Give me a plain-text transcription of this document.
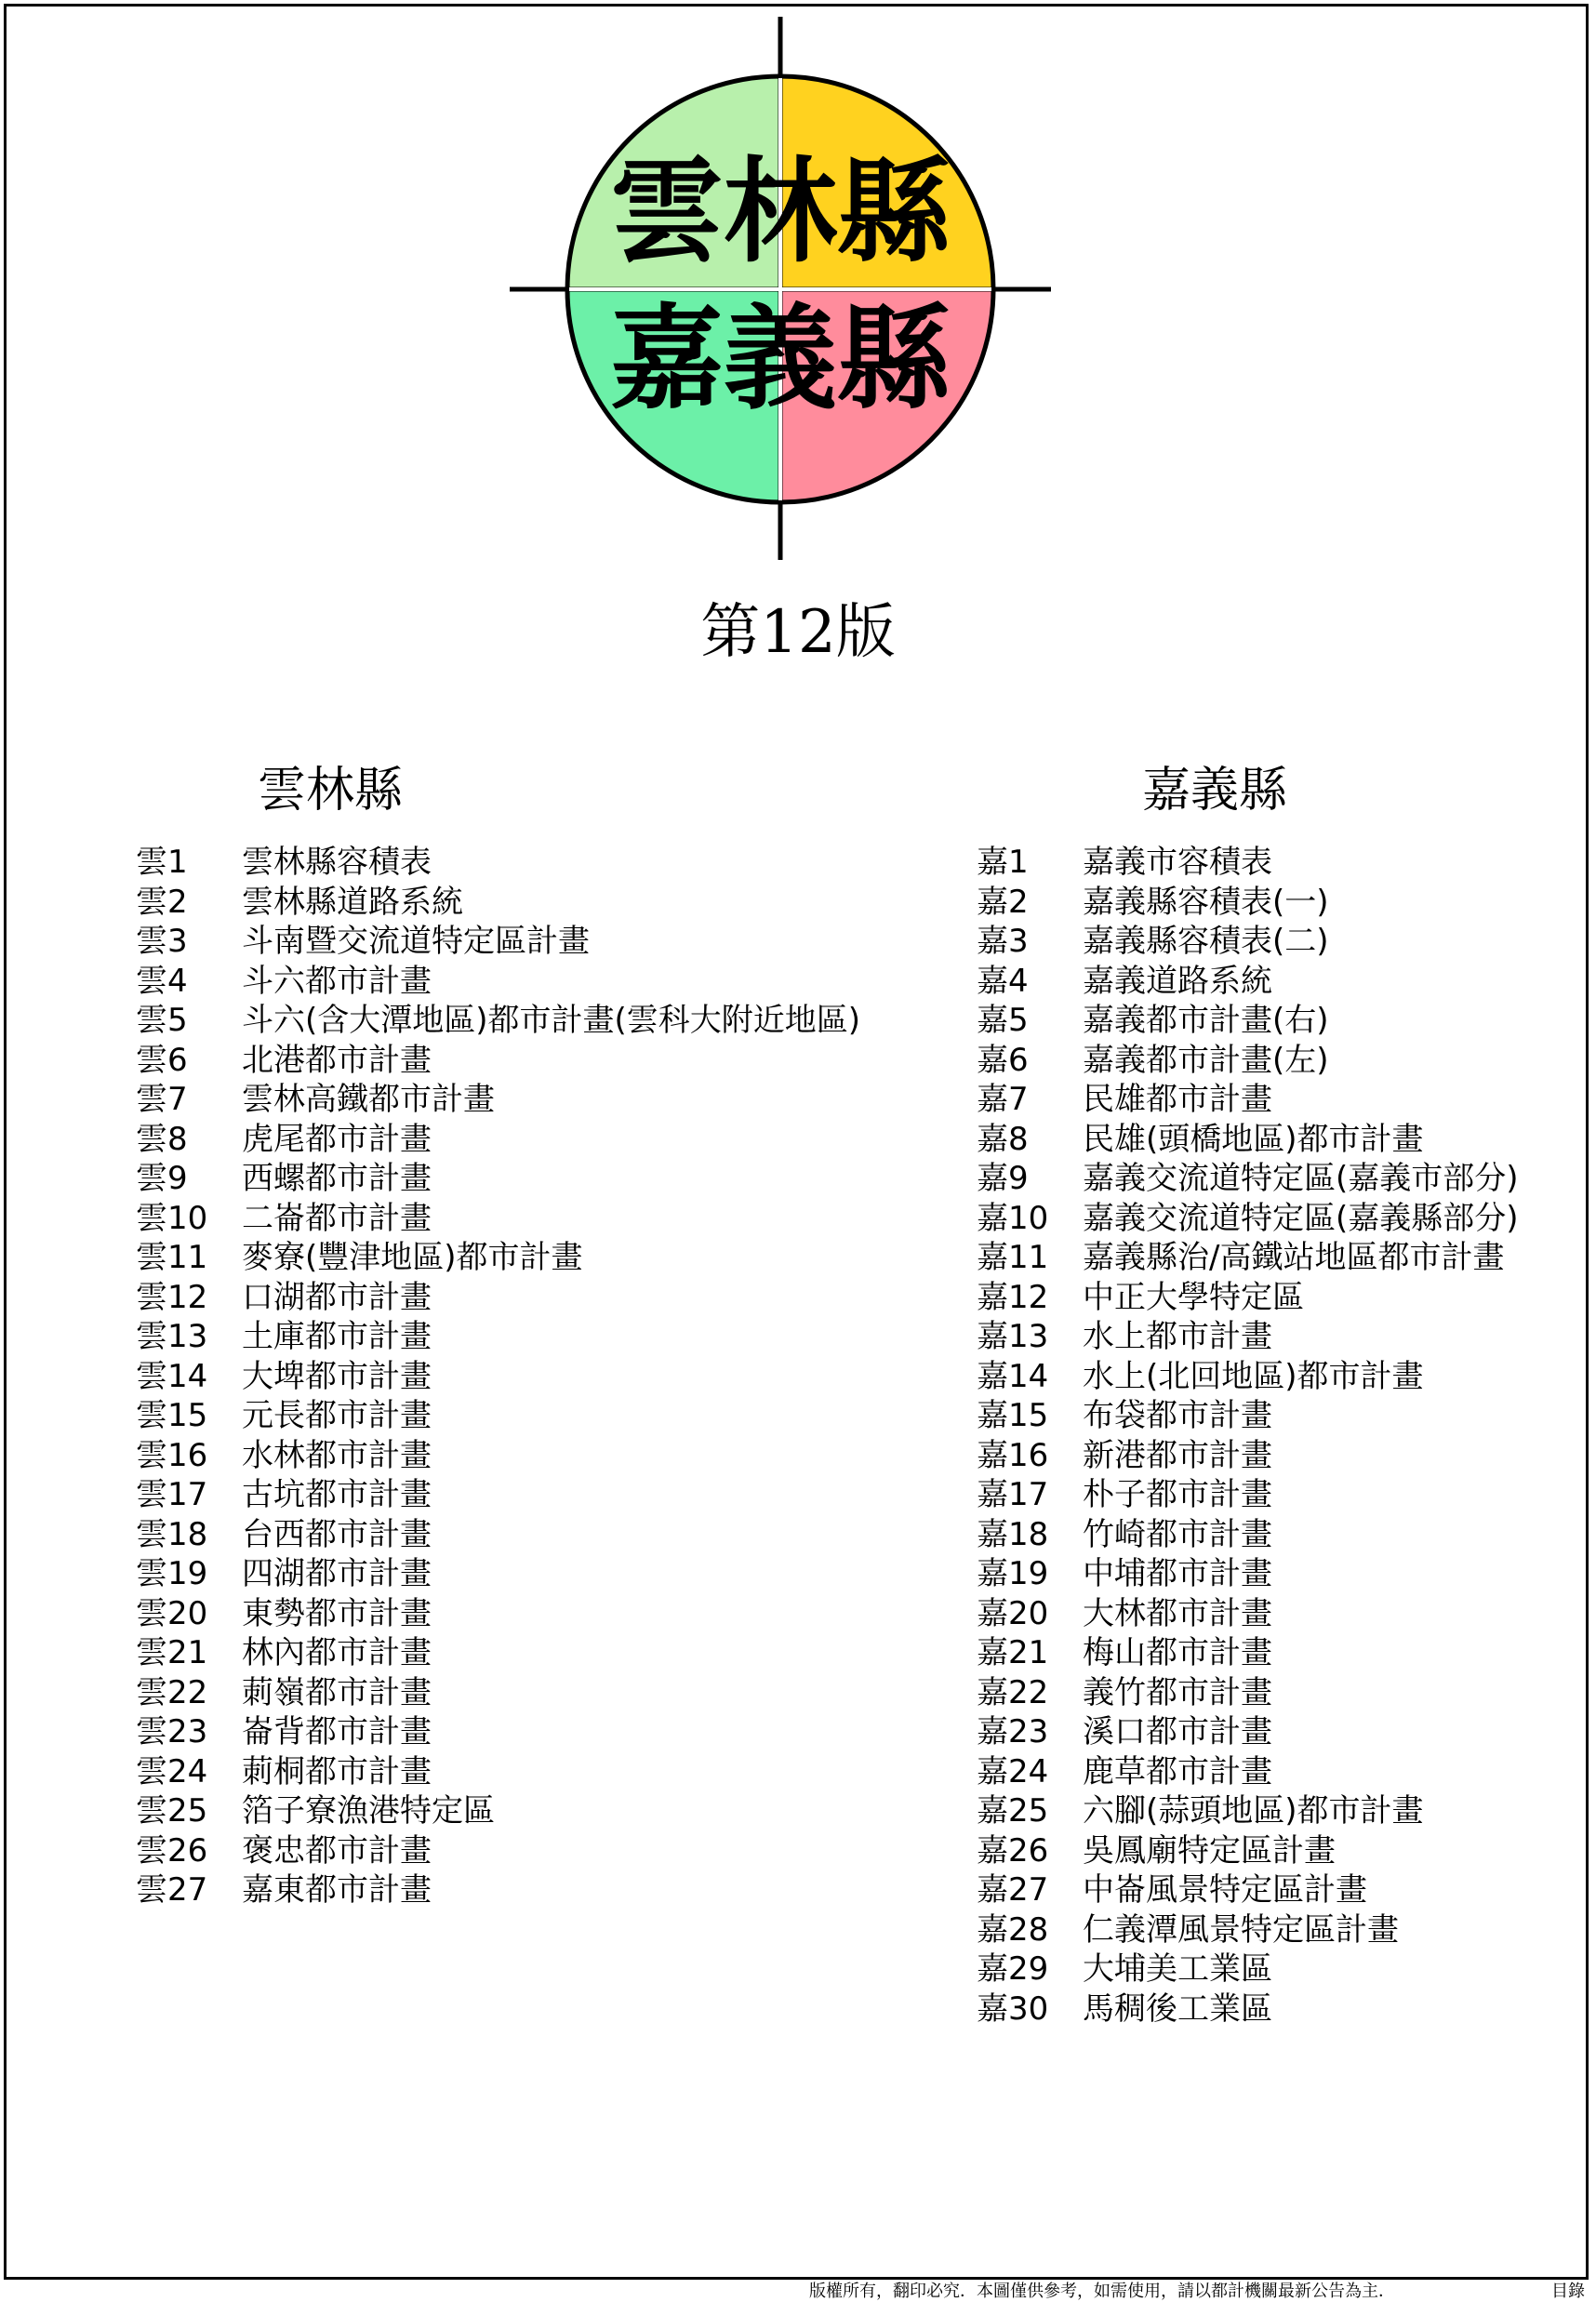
雲林縣
嘉義縣
第12版
雲林縣	嘉義縣
雲1 雲林縣容積表
雲2 雲林縣道路系統
雲3 斗南暨交流道特定區計畫
雲4 斗六都市計畫
雲5 斗六(含大潭地區)都市計畫(雲科大附近地區)
雲6 北港都市計畫
雲7 雲林高鐵都市計畫
雲8 虎尾都市計畫
雲9 西螺都市計畫
雲10 二崙都市計畫
雲11 麥寮(豐津地區)都市計畫
雲12 口湖都市計畫
雲13 土庫都市計畫
雲14 大埤都市計畫
雲15 元長都市計畫
雲16 水林都市計畫
雲17 古坑都市計畫
雲18 台西都市計畫
雲19 四湖都市計畫
雲20 東勢都市計畫
雲21 林內都市計畫
雲22 莿嶺都市計畫
雲23 崙背都市計畫
雲24 莿桐都市計畫
雲25 箔子寮漁港特定區
雲26 褒忠都市計畫
雲27 嘉東都市計畫
嘉1 嘉義市容積表
嘉2 嘉義縣容積表(一)
嘉3 嘉義縣容積表(二)
嘉4 嘉義道路系統
嘉5 嘉義都市計畫(右)
嘉6 嘉義都市計畫(左)
嘉7 民雄都市計畫
嘉8 民雄(頭橋地區)都市計畫
嘉9 嘉義交流道特定區(嘉義市部分)
嘉10 嘉義交流道特定區(嘉義縣部分)
嘉11 嘉義縣治/高鐵站地區都市計畫
嘉12 中正大學特定區
嘉13 水上都市計畫
嘉14 水上(北回地區)都市計畫
嘉15 布袋都市計畫
嘉16 新港都市計畫
嘉17 朴子都市計畫
嘉18 竹崎都市計畫
嘉19 中埔都市計畫
嘉20 大林都市計畫
嘉21 梅山都市計畫
嘉22 義竹都市計畫
嘉23 溪口都市計畫
嘉24 鹿草都市計畫
嘉25 六腳(蒜頭地區)都市計畫
嘉26 吳鳳廟特定區計畫
嘉27 中崙風景特定區計畫
嘉28 仁義潭風景特定區計畫
嘉29 大埔美工業區
嘉30 馬稠後工業區
版權所有，翻印必究．本圖僅供參考，如需使用，請以都計機關最新公告為主．	目錄
